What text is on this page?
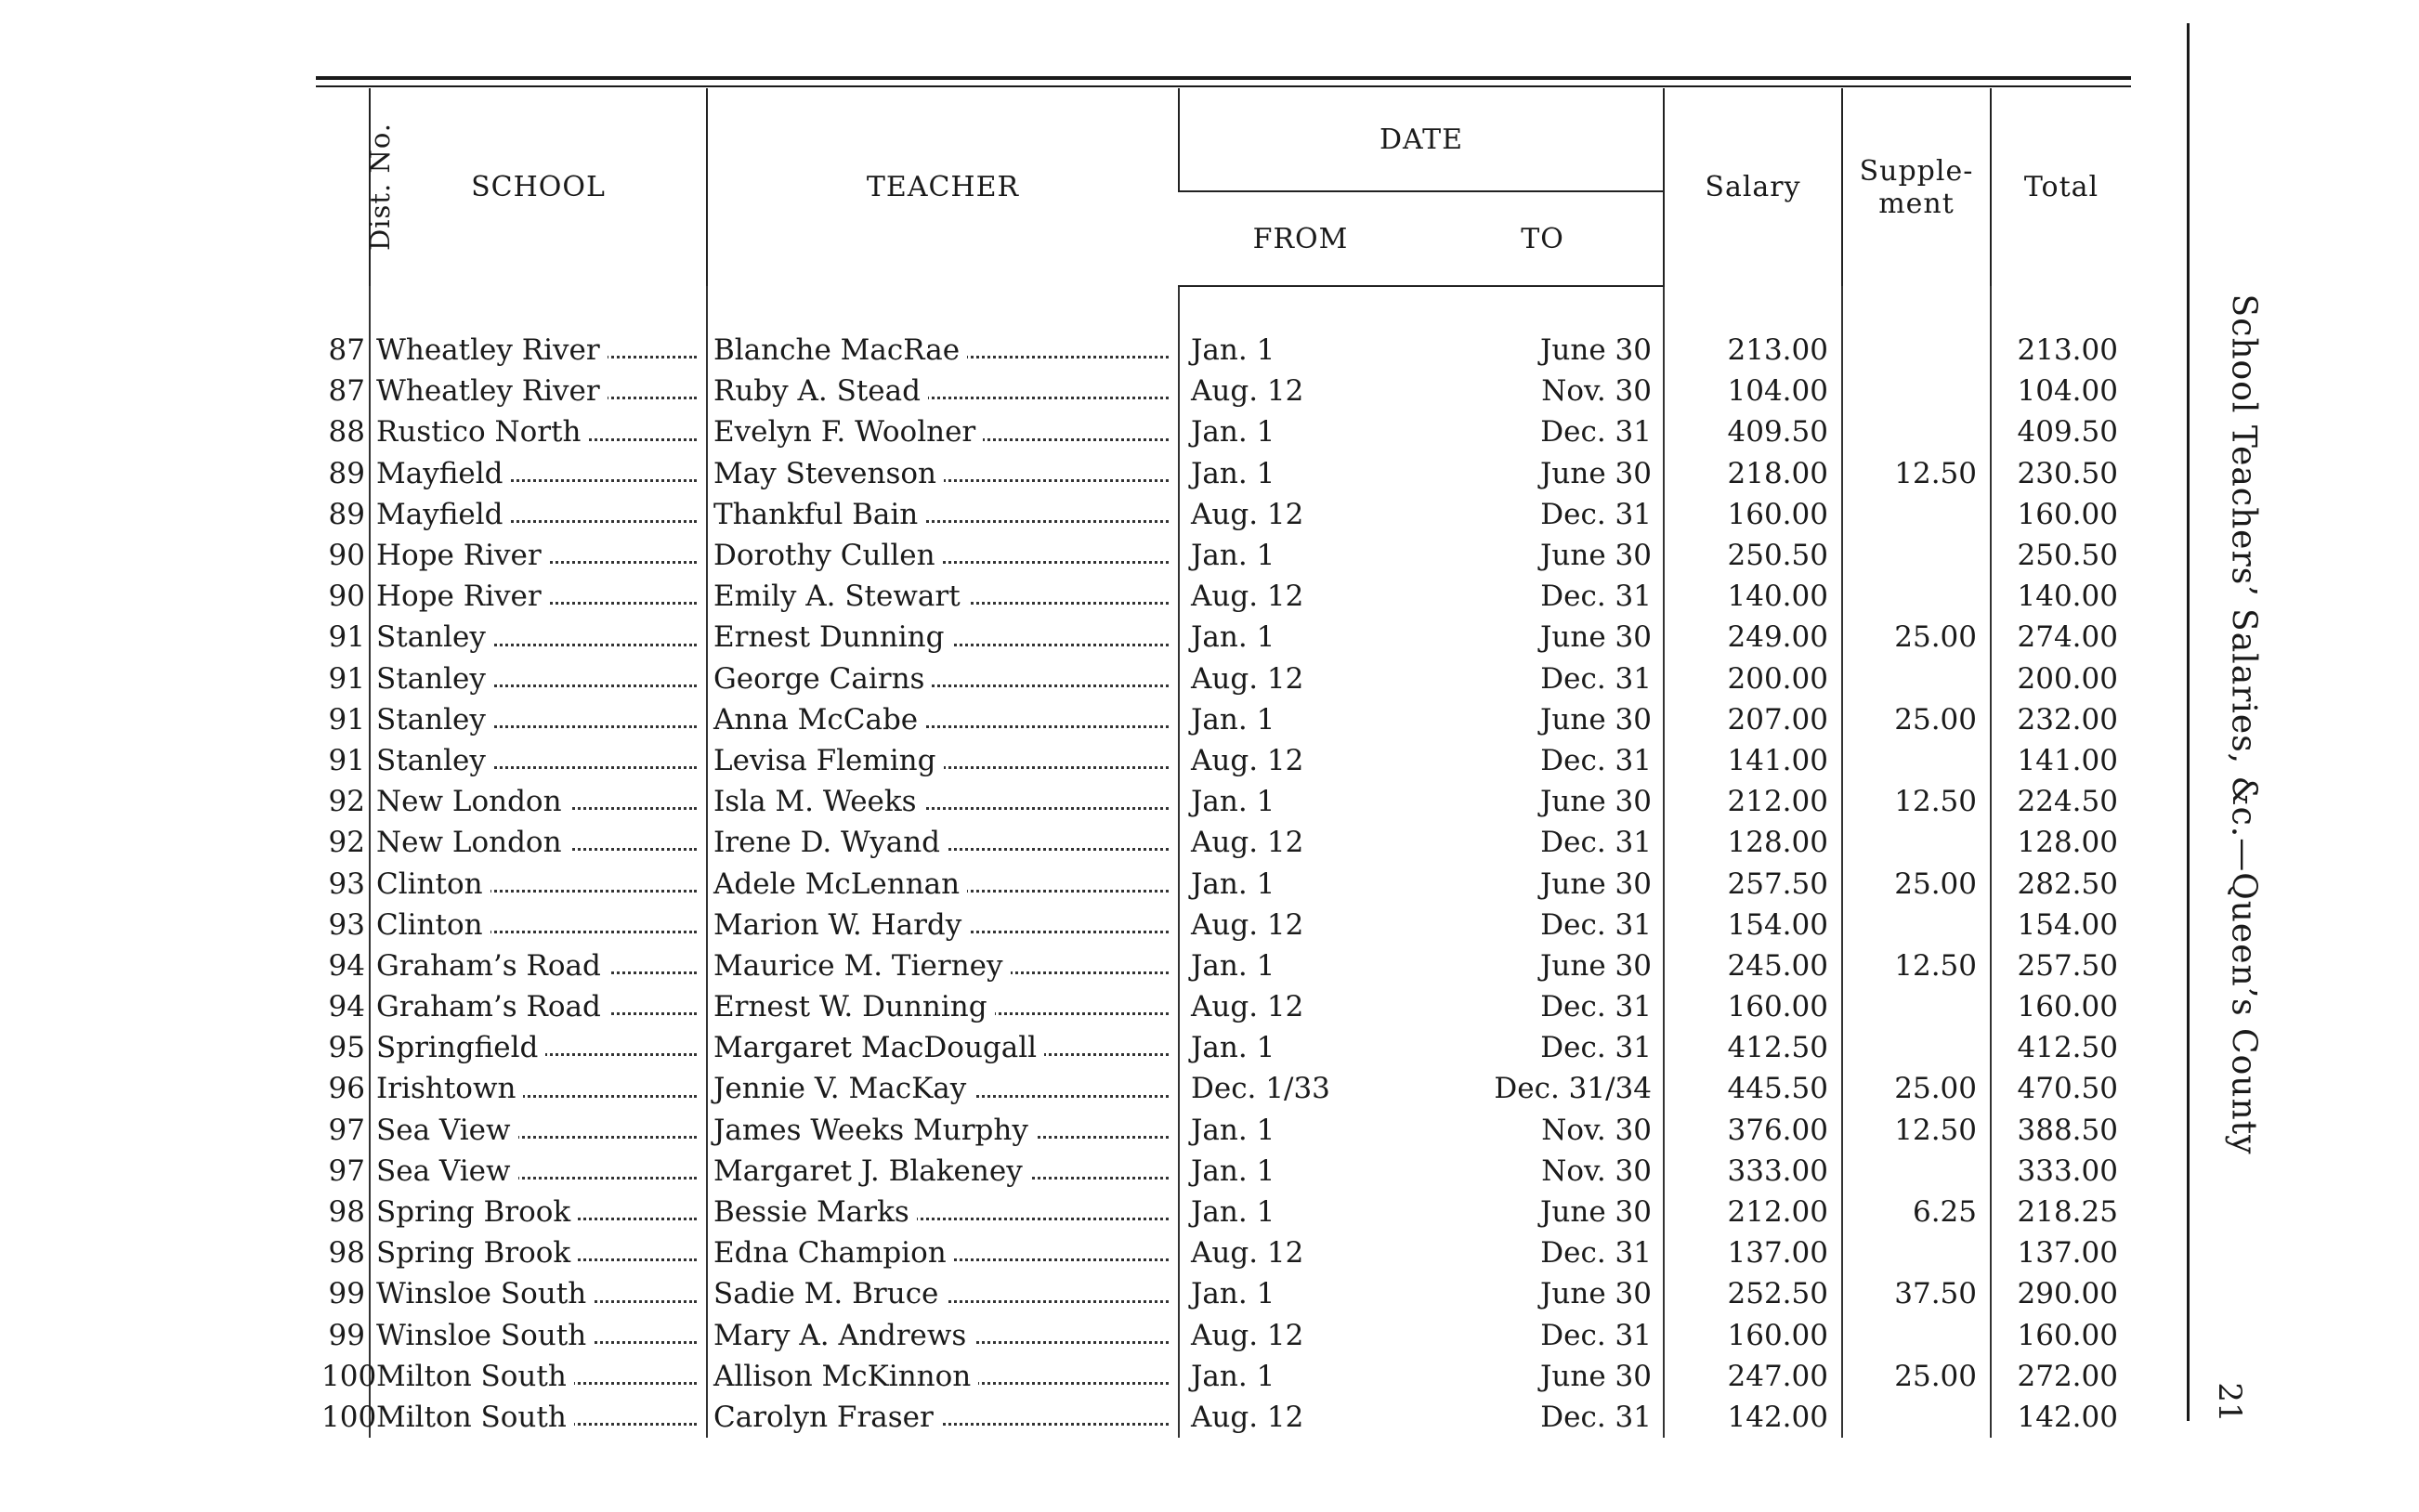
Dist. No.	SCHOOL	TEACHER	DATE		Salary	Supple-
ment	Total
			FROM	TO			

87	Wheatley River	Blanche MacRae	Jan. 1	June 30	213.00		213.00
87	Wheatley River	Ruby A. Stead	Aug. 12	Nov. 30	104.00		104.00
88	Rustico North	Evelyn F. Woolner	Jan. 1	Dec. 31	409.50		409.50
89	Mayfield	May Stevenson	Jan. 1	June 30	218.00	12.50	230.50
89	Mayfield	Thankful Bain	Aug. 12	Dec. 31	160.00		160.00
90	Hope River	Dorothy Cullen	Jan. 1	June 30	250.50		250.50
90	Hope River	Emily A. Stewart	Aug. 12	Dec. 31	140.00		140.00
91	Stanley	Ernest Dunning	Jan. 1	June 30	249.00	25.00	274.00
91	Stanley	George Cairns	Aug. 12	Dec. 31	200.00		200.00
91	Stanley	Anna McCabe	Jan. 1	June 30	207.00	25.00	232.00
91	Stanley	Levisa Fleming	Aug. 12	Dec. 31	141.00		141.00
92	New London	Isla M. Weeks	Jan. 1	June 30	212.00	12.50	224.50
92	New London	Irene D. Wyand	Aug. 12	Dec. 31	128.00		128.00
93	Clinton	Adele McLennan	Jan. 1	June 30	257.50	25.00	282.50
93	Clinton	Marion W. Hardy	Aug. 12	Dec. 31	154.00		154.00
94	Graham’s Road	Maurice M. Tierney	Jan. 1	June 30	245.00	12.50	257.50
94	Graham’s Road	Ernest W. Dunning	Aug. 12	Dec. 31	160.00		160.00
95	Springfield	Margaret MacDougall	Jan. 1	Dec. 31	412.50		412.50
96	Irishtown	Jennie V. MacKay	Dec. 1/33	Dec. 31/34	445.50	25.00	470.50
97	Sea View	James Weeks Murphy	Jan. 1	Nov. 30	376.00	12.50	388.50
97	Sea View	Margaret J. Blakeney	Jan. 1	Nov. 30	333.00		333.00
98	Spring Brook	Bessie Marks	Jan. 1	June 30	212.00	6.25	218.25
98	Spring Brook	Edna Champion	Aug. 12	Dec. 31	137.00		137.00
99	Winsloe South	Sadie M. Bruce	Jan. 1	June 30	252.50	37.50	290.00
99	Winsloe South	Mary A. Andrews	Aug. 12	Dec. 31	160.00		160.00
100	Milton South	Allison McKinnon	Jan. 1	June 30	247.00	25.00	272.00
100	Milton South	Carolyn Fraser	Aug. 12	Dec. 31	142.00		142.00
School Teachers’ Salaries, &c.—Queen’s County
21
